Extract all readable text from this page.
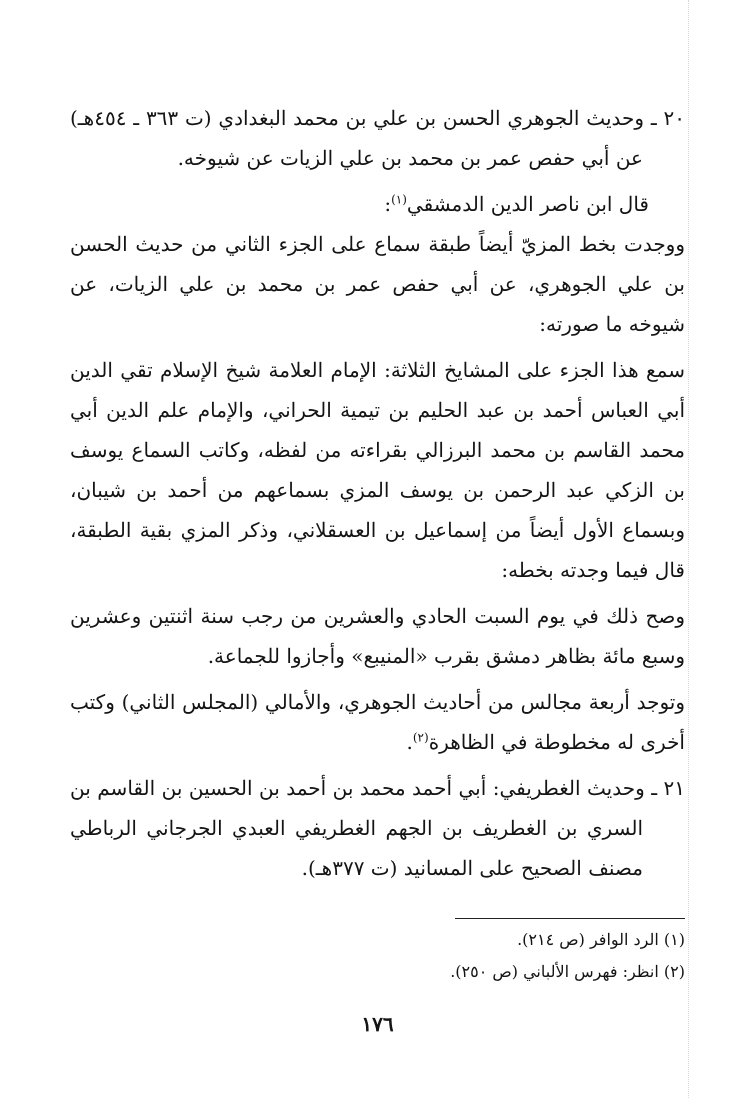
٢٠ ـ وحديث الجوهري الحسن بن علي بن محمد البغدادي (ت ٣٦٣ ـ ٤٥٤هـ) عن أبي حفص عمر بن محمد بن علي الزيات عن شيوخه.

قال ابن ناصر الدين الدمشقي$^{(١)}$:

ووجدت بخط المزيّ أيضاً طبقة سماع على الجزء الثاني من حديث الحسن بن علي الجوهري، عن أبي حفص عمر بن محمد بن علي الزيات، عن شيوخه ما صورته:

سمع هذا الجزء على المشايخ الثلاثة: الإمام العلامة شيخ الإسلام تقي الدين أبي العباس أحمد بن عبد الحليم بن تيمية الحراني، والإمام علم الدين أبي محمد القاسم بن محمد البرزالي بقراءته من لفظه، وكاتب السماع يوسف بن الزكي عبد الرحمن بن يوسف المزي بسماعهم من أحمد بن شيبان، وبسماع الأول أيضاً من إسماعيل بن العسقلاني، وذكر المزي بقية الطبقة، قال فيما وجدته بخطه:

وصح ذلك في يوم السبت الحادي والعشرين من رجب سنة اثنتين وعشرين وسبع مائة بظاهر دمشق بقرب «المنيبع» وأجازوا للجماعة.

وتوجد أربعة مجالس من أحاديث الجوهري، والأمالي (المجلس الثاني) وكتب أخرى له مخطوطة في الظاهرة$^{(٢)}$.

٢١ ـ وحديث الغطريفي: أبي أحمد محمد بن أحمد بن الحسين بن القاسم بن السري بن الغطريف بن الجهم الغطريفي العبدي الجرجاني الرباطي مصنف الصحيح على المسانيد (ت ٣٧٧هـ).

(١) الرد الوافر (ص ٢١٤).
(٢) انظر: فهرس الألباني (ص ٢٥٠).
١٧٦
